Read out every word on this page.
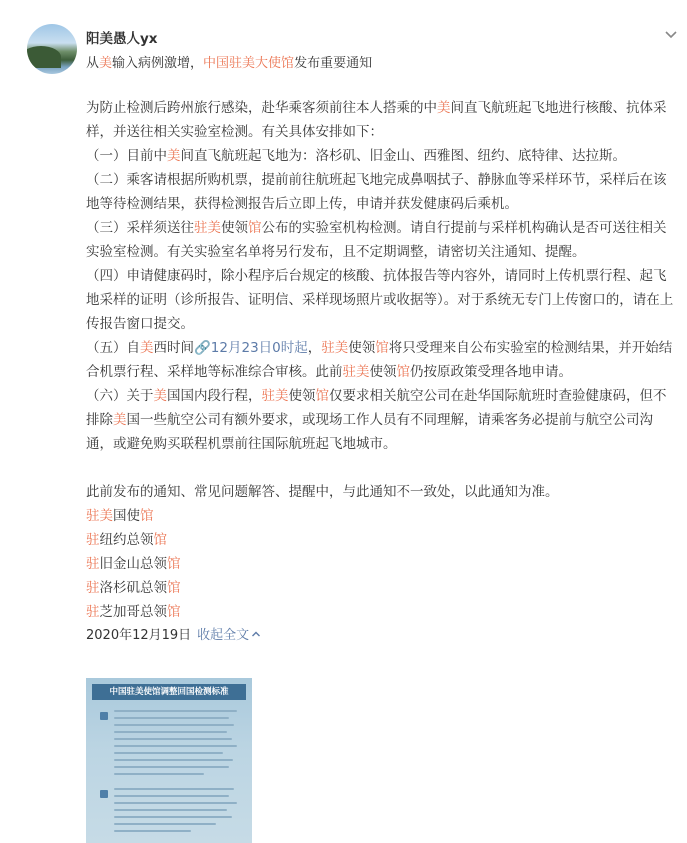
阳美愚人yx
从美输入病例激增，中国驻美大使馆发布重要通知

为防止检测后跨州旅行感染，赴华乘客须前往本人搭乘的中美间直飞航班起飞地进行核酸、抗体采样，并送往相关实验室检测。有关具体安排如下：

（一）目前中美间直飞航班起飞地为：洛杉矶、旧金山、西雅图、纽约、底特律、达拉斯。

（二）乘客请根据所购机票，提前前往航班起飞地完成鼻咽拭子、静脉血等采样环节，采样后在该地等待检测结果，获得检测报告后立即上传，申请并获发健康码后乘机。

（三）采样须送往驻美使领馆公布的实验室机构检测。请自行提前与采样机构确认是否可送往相关实验室检测。有关实验室名单将另行发布，且不定期调整，请密切关注通知、提醒。

（四）申请健康码时，除小程序后台规定的核酸、抗体报告等内容外，请同时上传机票行程、起飞地采样的证明（诊所报告、证明信、采样现场照片或收据等）。对于系统无专门上传窗口的，请在上传报告窗口提交。

（五）自美西时间🔗12月23日0时起，驻美使领馆将只受理来自公布实验室的检测结果，并开始结合机票行程、采样地等标准综合审核。此前驻美使领馆仍按原政策受理各地申请。

（六）关于美国国内段行程，驻美使领馆仅要求相关航空公司在赴华国际航班时查验健康码，但不排除美国一些航空公司有额外要求，或现场工作人员有不同理解，请乘客务必提前与航空公司沟通，或避免购买联程机票前往国际航班起飞地城市。

此前发布的通知、常见问题解答、提醒中，与此通知不一致处，以此通知为准。

驻美国使馆

驻纽约总领馆

驻旧金山总领馆

驻洛杉矶总领馆

驻芝加哥总领馆

2020年12月19日 收起全文

中国驻美使馆调整回国检测标准
